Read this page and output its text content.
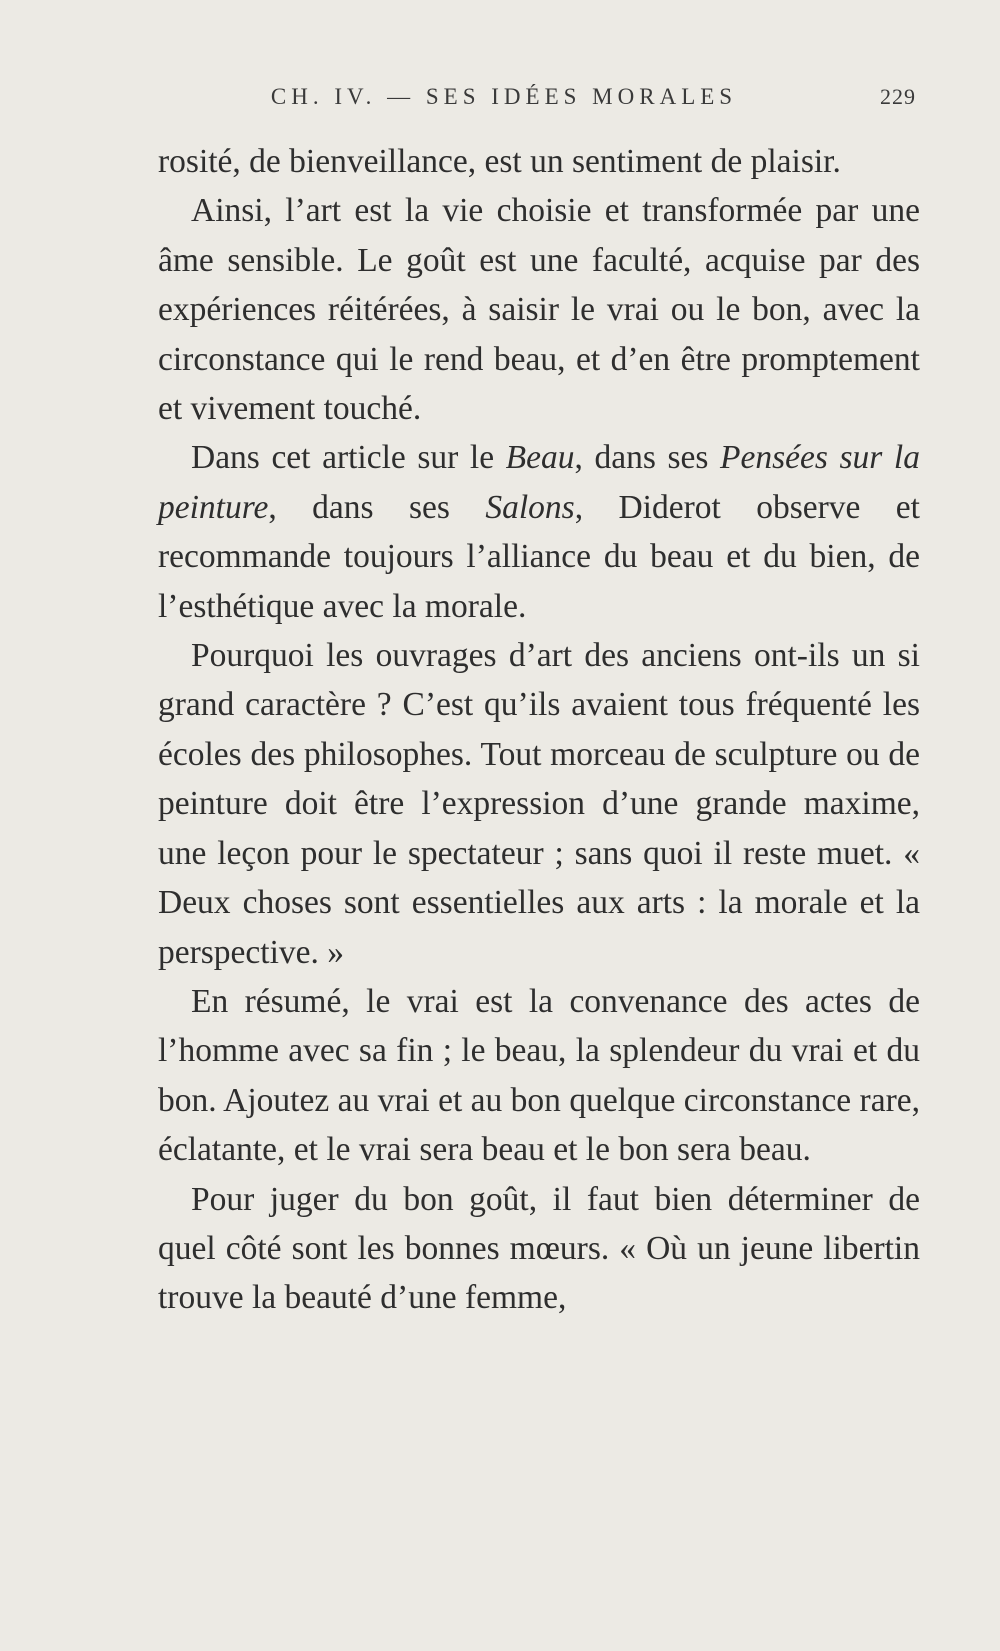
CH. IV. — SES IDÉES MORALES	229

rosité, de bienveillance, est un sentiment de plaisir.

Ainsi, l’art est la vie choisie et transformée par une âme sensible. Le goût est une faculté, acquise par des expériences réitérées, à saisir le vrai ou le bon, avec la circonstance qui le rend beau, et d’en être promptement et vivement touché.

Dans cet article sur le Beau, dans ses Pensées sur la peinture, dans ses Salons, Diderot observe et recommande toujours l’alliance du beau et du bien, de l’esthétique avec la morale.

Pourquoi les ouvrages d’art des anciens ont-ils un si grand caractère ? C’est qu’ils avaient tous fréquenté les écoles des philosophes. Tout morceau de sculpture ou de peinture doit être l’expression d’une grande maxime, une leçon pour le spectateur ; sans quoi il reste muet. « Deux choses sont essentielles aux arts : la morale et la perspective. »

En résumé, le vrai est la convenance des actes de l’homme avec sa fin ; le beau, la splendeur du vrai et du bon. Ajoutez au vrai et au bon quelque circonstance rare, éclatante, et le vrai sera beau et le bon sera beau.

Pour juger du bon goût, il faut bien déterminer de quel côté sont les bonnes mœurs. « Où un jeune libertin trouve la beauté d’une femme,
